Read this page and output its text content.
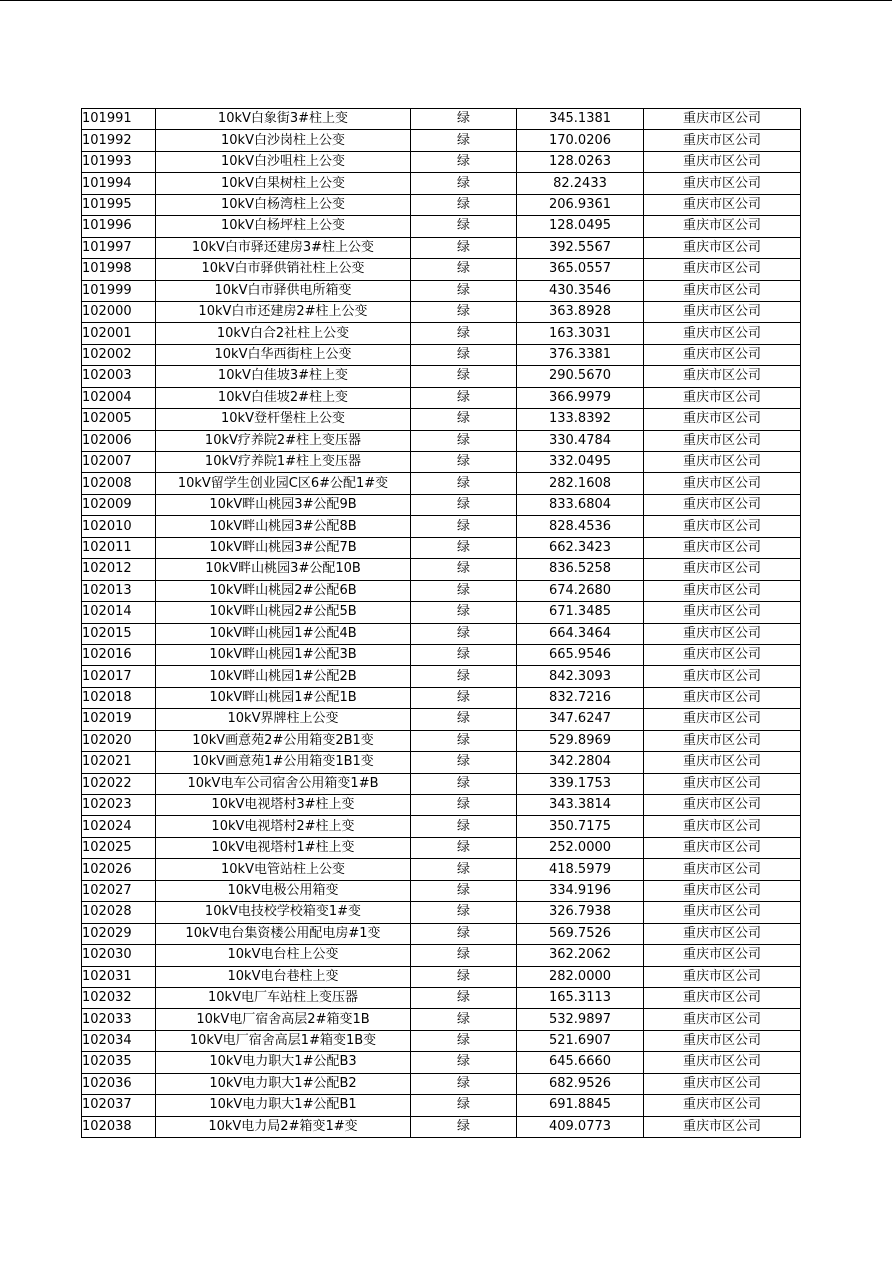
101991	10kV白象街3#柱上变	绿	345.1381	重庆市区公司
101992	10kV白沙岗柱上公变	绿	170.0206	重庆市区公司
101993	10kV白沙咀柱上公变	绿	128.0263	重庆市区公司
101994	10kV白果树柱上公变	绿	82.2433	重庆市区公司
101995	10kV白杨湾柱上公变	绿	206.9361	重庆市区公司
101996	10kV白杨坪柱上公变	绿	128.0495	重庆市区公司
101997	10kV白市驿还建房3#柱上公变	绿	392.5567	重庆市区公司
101998	10kV白市驿供销社柱上公变	绿	365.0557	重庆市区公司
101999	10kV白市驿供电所箱变	绿	430.3546	重庆市区公司
102000	10kV白市还建房2#柱上公变	绿	363.8928	重庆市区公司
102001	10kV白合2社柱上公变	绿	163.3031	重庆市区公司
102002	10kV白华西街柱上公变	绿	376.3381	重庆市区公司
102003	10kV白佳坡3#柱上变	绿	290.5670	重庆市区公司
102004	10kV白佳坡2#柱上变	绿	366.9979	重庆市区公司
102005	10kV登杆堡柱上公变	绿	133.8392	重庆市区公司
102006	10kV疗养院2#柱上变压器	绿	330.4784	重庆市区公司
102007	10kV疗养院1#柱上变压器	绿	332.0495	重庆市区公司
102008	10kV留学生创业园C区6#公配1#变	绿	282.1608	重庆市区公司
102009	10kV畔山桃园3#公配9B	绿	833.6804	重庆市区公司
102010	10kV畔山桃园3#公配8B	绿	828.4536	重庆市区公司
102011	10kV畔山桃园3#公配7B	绿	662.3423	重庆市区公司
102012	10kV畔山桃园3#公配10B	绿	836.5258	重庆市区公司
102013	10kV畔山桃园2#公配6B	绿	674.2680	重庆市区公司
102014	10kV畔山桃园2#公配5B	绿	671.3485	重庆市区公司
102015	10kV畔山桃园1#公配4B	绿	664.3464	重庆市区公司
102016	10kV畔山桃园1#公配3B	绿	665.9546	重庆市区公司
102017	10kV畔山桃园1#公配2B	绿	842.3093	重庆市区公司
102018	10kV畔山桃园1#公配1B	绿	832.7216	重庆市区公司
102019	10kV界牌柱上公变	绿	347.6247	重庆市区公司
102020	10kV画意苑2#公用箱变2B1变	绿	529.8969	重庆市区公司
102021	10kV画意苑1#公用箱变1B1变	绿	342.2804	重庆市区公司
102022	10kV电车公司宿舍公用箱变1#B	绿	339.1753	重庆市区公司
102023	10kV电视塔村3#柱上变	绿	343.3814	重庆市区公司
102024	10kV电视塔村2#柱上变	绿	350.7175	重庆市区公司
102025	10kV电视塔村1#柱上变	绿	252.0000	重庆市区公司
102026	10kV电管站柱上公变	绿	418.5979	重庆市区公司
102027	10kV电极公用箱变	绿	334.9196	重庆市区公司
102028	10kV电技校学校箱变1#变	绿	326.7938	重庆市区公司
102029	10kV电台集资楼公用配电房#1变	绿	569.7526	重庆市区公司
102030	10kV电台柱上公变	绿	362.2062	重庆市区公司
102031	10kV电台巷柱上变	绿	282.0000	重庆市区公司
102032	10kV电厂车站柱上变压器	绿	165.3113	重庆市区公司
102033	10kV电厂宿舍高层2#箱变1B	绿	532.9897	重庆市区公司
102034	10kV电厂宿舍高层1#箱变1B变	绿	521.6907	重庆市区公司
102035	10kV电力职大1#公配B3	绿	645.6660	重庆市区公司
102036	10kV电力职大1#公配B2	绿	682.9526	重庆市区公司
102037	10kV电力职大1#公配B1	绿	691.8845	重庆市区公司
102038	10kV电力局2#箱变1#变	绿	409.0773	重庆市区公司
